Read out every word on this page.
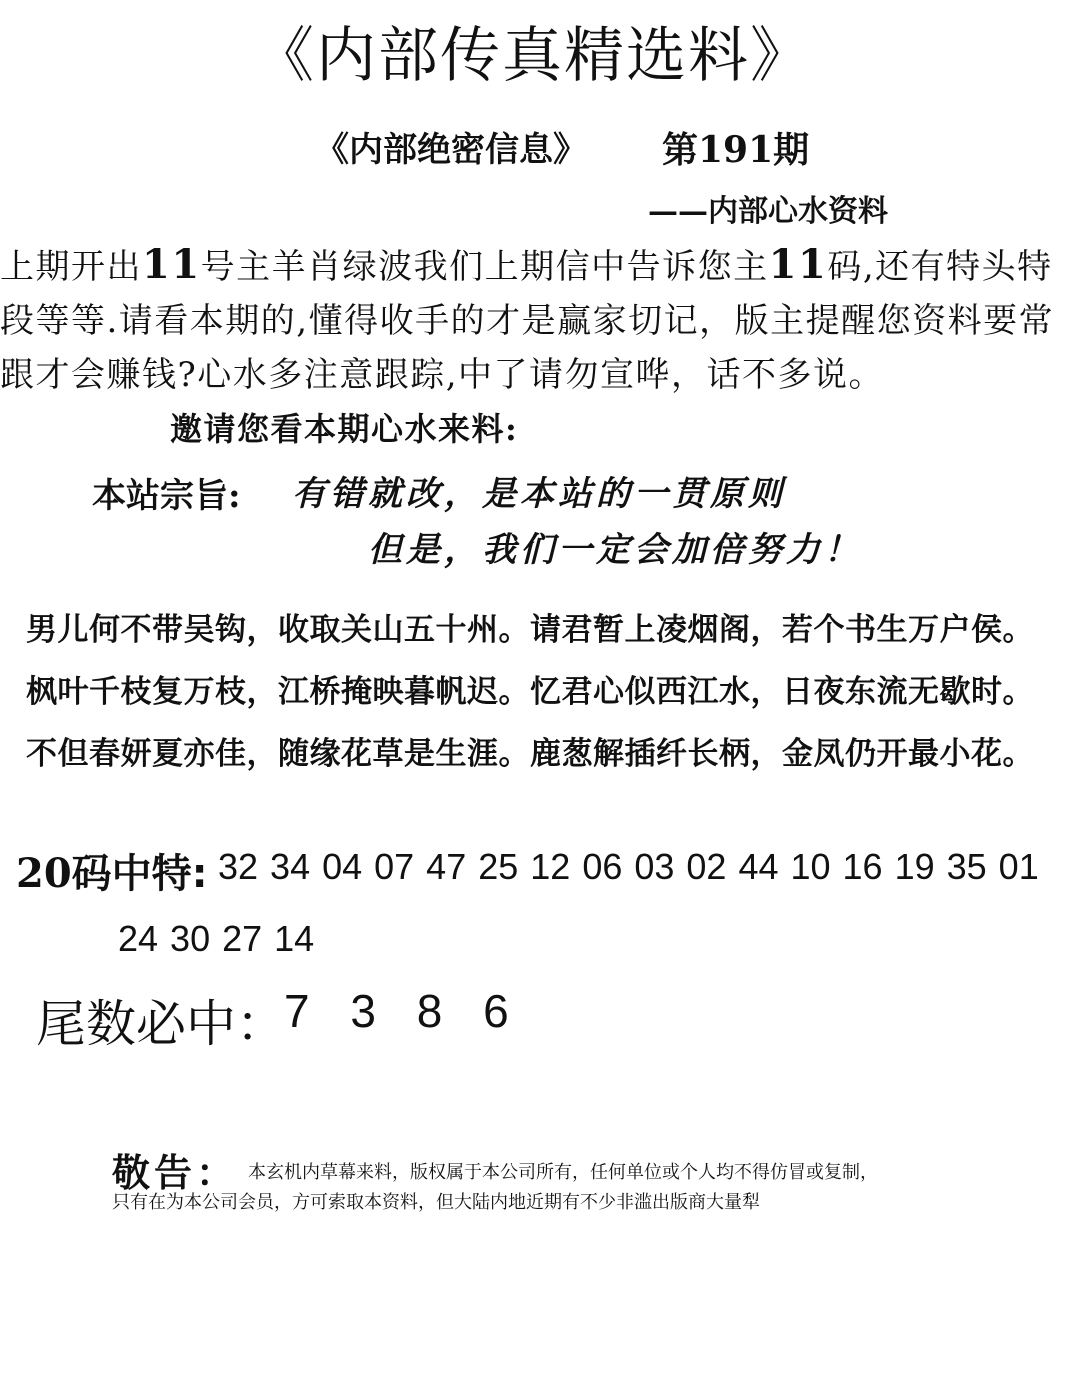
《内部传真精选料》
《内部绝密信息》 第191期
——内部心水资料
上期开出11号主羊肖绿波我们上期信中告诉您主11码,还有特头特段等等.请看本期的,懂得收手的才是赢家切记，版主提醒您资料要常跟才会赚钱?心水多注意跟踪,中了请勿宣哗，话不多说。邀请您看本期心水来料:
本站宗旨: 有错就改，是本站的一贯原则
但是，我们一定会加倍努力！
男儿何不带吴钩，收取关山五十州。请君暂上凌烟阁，若个书生万户侯。
枫叶千枝复万枝，江桥掩映暮帆迟。忆君心似西江水，日夜东流无歇时。
不但春妍夏亦佳，随缘花草是生涯。鹿葱解插纤长柄，金凤仍开最小花。
20码中特: 32 34 04 07 47 25 12 06 03 02 44 10 16 19 35 01
24 30 27 14
尾数必中：
7 3 8 6
敬告： 本玄机内草幕来料，版权属于本公司所有，任何单位或个人均不得仿冒或复制，
只有在为本公司会员，方可索取本资料，但大陆内地近期有不少非滥出版商大量犁
